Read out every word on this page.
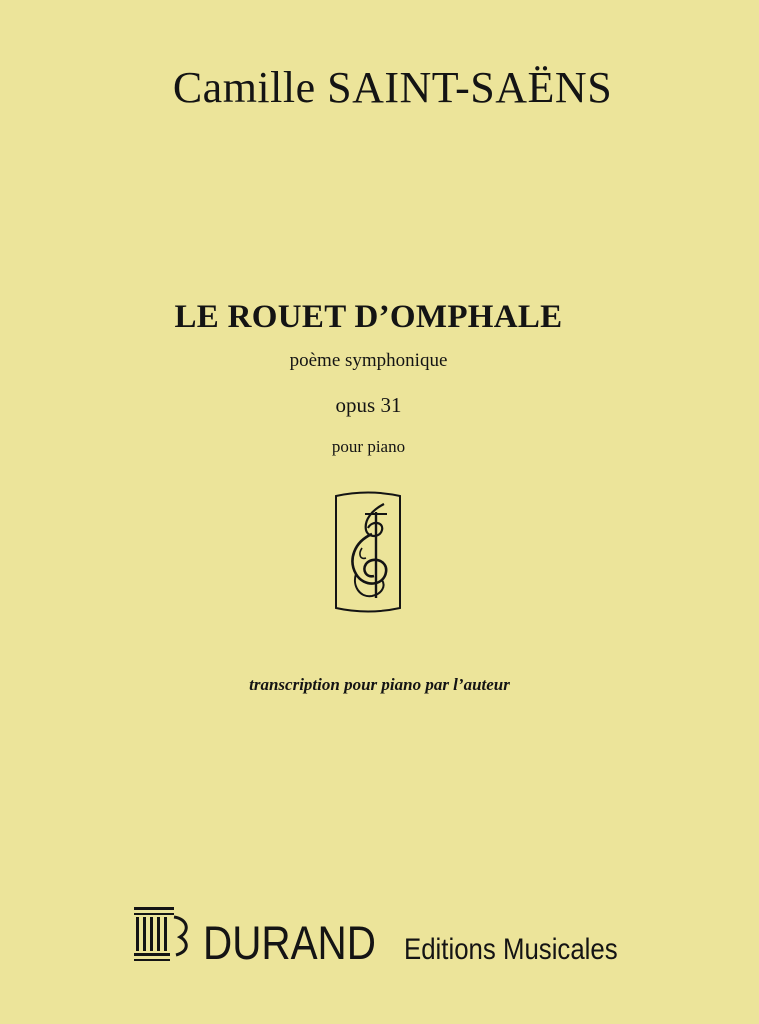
Camille SAINT-SAËNS
LE ROUET D’OMPHALE
poème symphonique
opus 31
pour piano
transcription pour piano par l’auteur
DURAND Editions Musicales
